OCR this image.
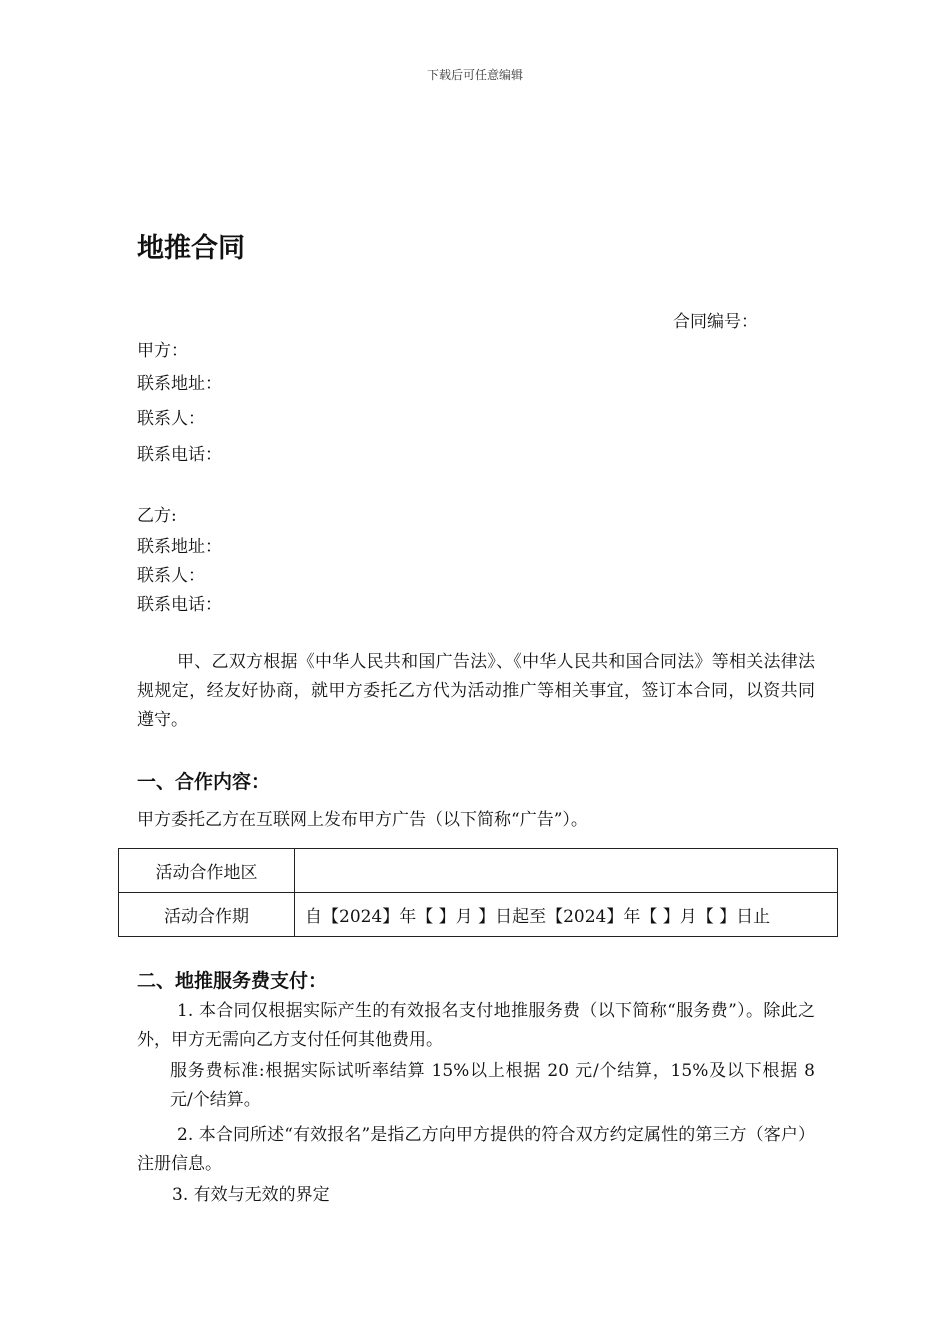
下载后可任意编辑
地推合同
合同编号：
甲方：
联系地址：
联系人：
联系电话：
乙方:
联系地址：
联系人：
联系电话：
甲、乙双方根据《中华人民共和国广告法》、《中华人民共和国合同法》等相关法律法规规定，经友好协商，就甲方委托乙方代为活动推广等相关事宜，签订本合同，以资共同遵守。
一、合作内容：
甲方委托乙方在互联网上发布甲方广告（以下简称“广告”）。
活动合作地区	
活动合作期	自【2024】年【 】月 】日起至【2024】年【 】月【 】日止
二、地推服务费支付：
1. 本合同仅根据实际产生的有效报名支付地推服务费（以下简称“服务费”）。除此之外，甲方无需向乙方支付任何其他费用。
服务费标准:根据实际试听率结算 15%以上根据 20 元/个结算，15%及以下根据 8 元/个结算。
2. 本合同所述“有效报名”是指乙方向甲方提供的符合双方约定属性的第三方（客户）注册信息。
3. 有效与无效的界定
